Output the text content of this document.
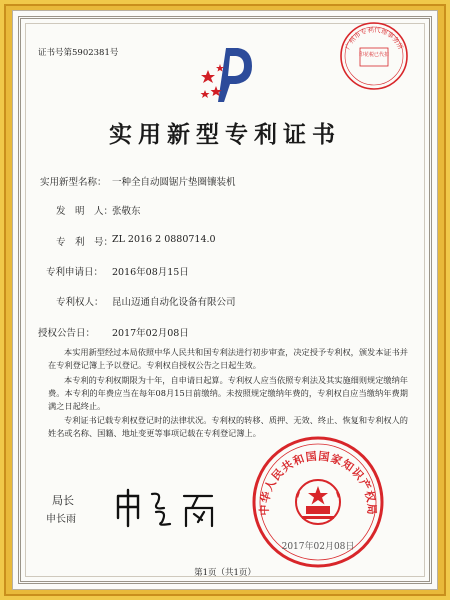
证书号第5902381号
广州市专利代理事务所
印花税已代扣
实用新型专利证书
实用新型名称： 一种全自动圆锯片垫圈镶装机
发　明　人：
张敬东
专　利　号：
ZL 2016 2 0880714.0
专利申请日： 2016年08月15日
专利权人： 昆山迈通自动化设备有限公司
授权公告日： 2017年02月08日
本实用新型经过本局依照中华人民共和国专利法进行初步审查，决定授予专利权，颁发本证书并在专利登记簿上予以登记。专利权自授权公告之日起生效。
本专利的专利权期限为十年，自申请日起算。专利权人应当依照专利法及其实施细则规定缴纳年费。本专利的年费应当在每年08月15日前缴纳。未按照规定缴纳年费的，专利权自应当缴纳年费期满之日起终止。
专利证书记载专利权登记时的法律状况。专利权的转移、质押、无效、终止、恢复和专利权人的姓名或名称、国籍、地址变更等事项记载在专利登记簿上。
局长
申长雨
中华人民共和国国家知识产权局
2017年02月08日
第1页（共1页）
